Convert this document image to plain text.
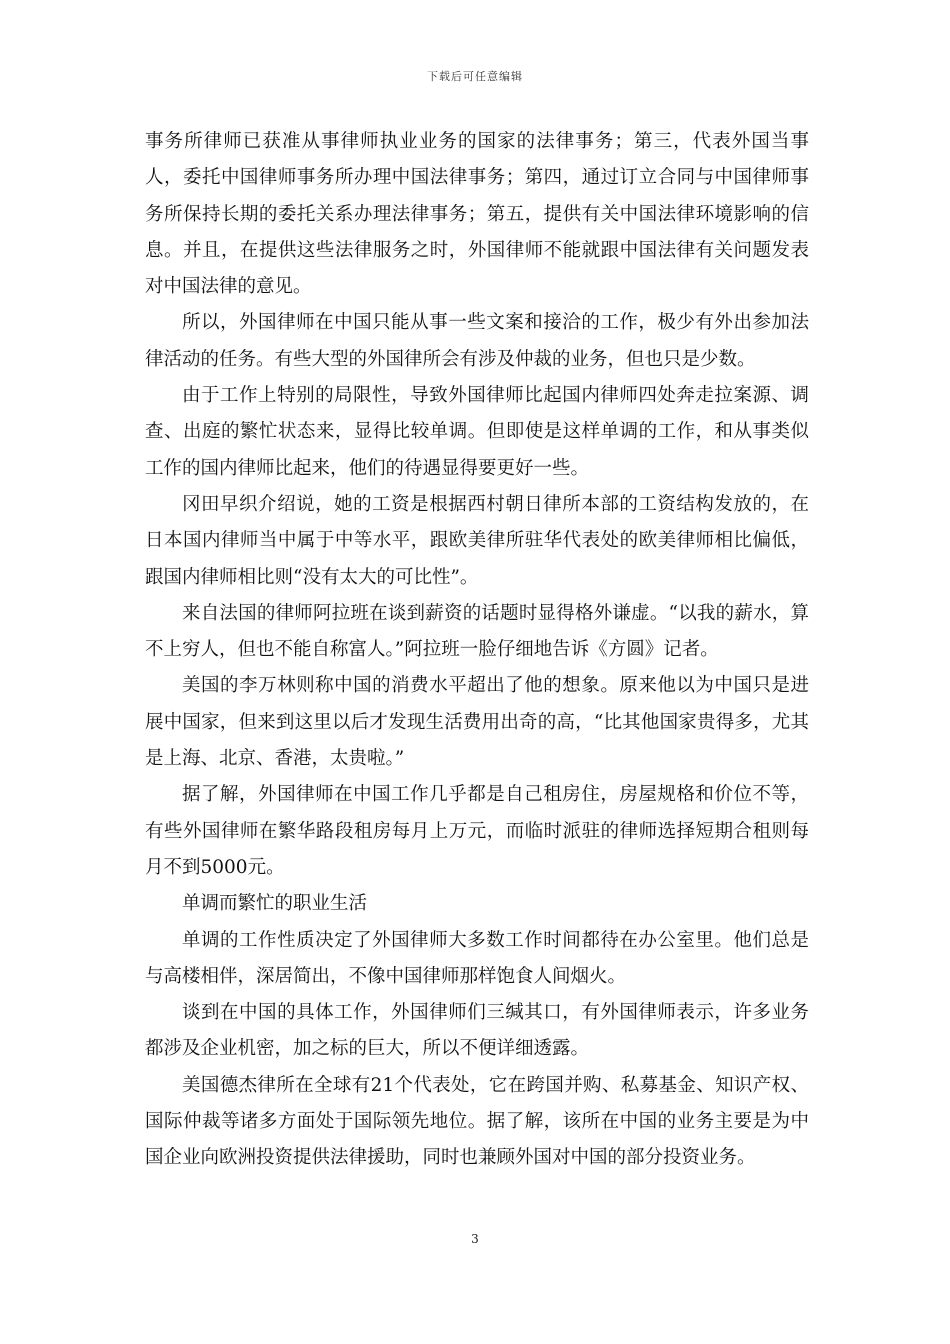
下载后可任意编辑

事务所律师已获准从事律师执业业务的国家的法律事务；第三，代表外国当事人，委托中国律师事务所办理中国法律事务；第四，通过订立合同与中国律师事务所保持长期的委托关系办理法律事务；第五，提供有关中国法律环境影响的信息。并且，在提供这些法律服务之时，外国律师不能就跟中国法律有关问题发表对中国法律的意见。

所以，外国律师在中国只能从事一些文案和接洽的工作，极少有外出参加法律活动的任务。有些大型的外国律所会有涉及仲裁的业务，但也只是少数。

由于工作上特别的局限性，导致外国律师比起国内律师四处奔走拉案源、调查、出庭的繁忙状态来，显得比较单调。但即使是这样单调的工作，和从事类似工作的国内律师比起来，他们的待遇显得要更好一些。

冈田早织介绍说，她的工资是根据西村朝日律所本部的工资结构发放的，在日本国内律师当中属于中等水平，跟欧美律所驻华代表处的欧美律师相比偏低，跟国内律师相比则“没有太大的可比性”。

来自法国的律师阿拉班在谈到薪资的话题时显得格外谦虚。“以我的薪水，算不上穷人，但也不能自称富人。”阿拉班一脸仔细地告诉《方圆》记者。

美国的李万林则称中国的消费水平超出了他的想象。原来他以为中国只是进展中国家，但来到这里以后才发现生活费用出奇的高，“比其他国家贵得多，尤其是上海、北京、香港，太贵啦。”

据了解，外国律师在中国工作几乎都是自己租房住，房屋规格和价位不等，有些外国律师在繁华路段租房每月上万元，而临时派驻的律师选择短期合租则每月不到5000元。

单调而繁忙的职业生活

单调的工作性质决定了外国律师大多数工作时间都待在办公室里。他们总是与高楼相伴，深居简出，不像中国律师那样饱食人间烟火。

谈到在中国的具体工作，外国律师们三缄其口，有外国律师表示，许多业务都涉及企业机密，加之标的巨大，所以不便详细透露。

美国德杰律所在全球有21个代表处，它在跨国并购、私募基金、知识产权、国际仲裁等诸多方面处于国际领先地位。据了解，该所在中国的业务主要是为中国企业向欧洲投资提供法律援助，同时也兼顾外国对中国的部分投资业务。

3
